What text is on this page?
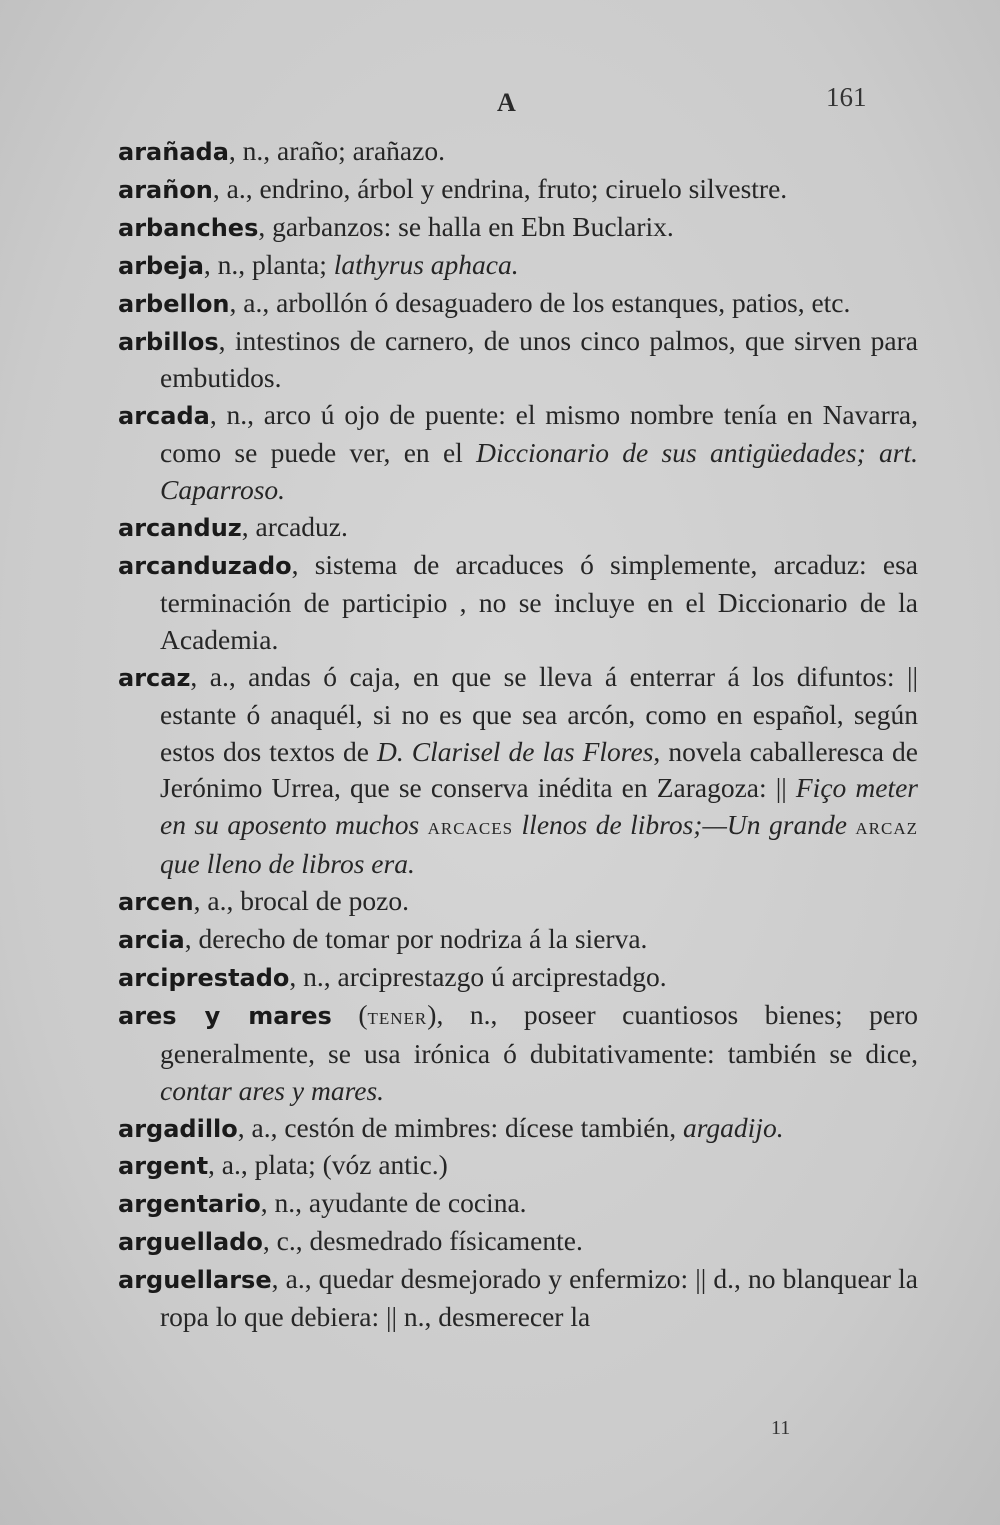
A	161

arañada, n., araño; arañazo.

arañon, a., endrino, árbol y endrina, fruto; ciruelo silvestre.

arbanches, garbanzos: se halla en Ebn Buclarix.

arbeja, n., planta; lathyrus aphaca.

arbellon, a., arbollón ó desaguadero de los estanques, patios, etc.

arbillos, intestinos de carnero, de unos cinco palmos, que sirven para embutidos.

arcada, n., arco ú ojo de puente: el mismo nombre tenía en Navarra, como se puede ver, en el Diccionario de sus antigüedades; art. Caparroso.

arcanduz, arcaduz.

arcanduzado, sistema de arcaduces ó simplemente, arcaduz: esa terminación de participio , no se incluye en el Diccionario de la Academia.

arcaz, a., andas ó caja, en que se lleva á enterrar á los difuntos: || estante ó anaquél, si no es que sea arcón, como en español, según estos dos textos de D. Clarisel de las Flores, novela caballeresca de Jerónimo Urrea, que se conserva inédita en Zaragoza: || Fiço meter en su aposento muchos arcaces llenos de libros;—Un grande arcaz que lleno de libros era.

arcen, a., brocal de pozo.

arcia, derecho de tomar por nodriza á la sierva.

arciprestado, n., arciprestazgo ú arciprestadgo.

ares y mares (tener), n., poseer cuantiosos bienes; pero generalmente, se usa irónica ó dubitativamente: también se dice, contar ares y mares.

argadillo, a., cestón de mimbres: dícese también, argadijo.

argent, a., plata; (vóz antic.)

argentario, n., ayudante de cocina.

arguellado, c., desmedrado físicamente.

arguellarse, a., quedar desmejorado y enfermizo: || d., no blanquear la ropa lo que debiera: || n., desmerecer la

11
